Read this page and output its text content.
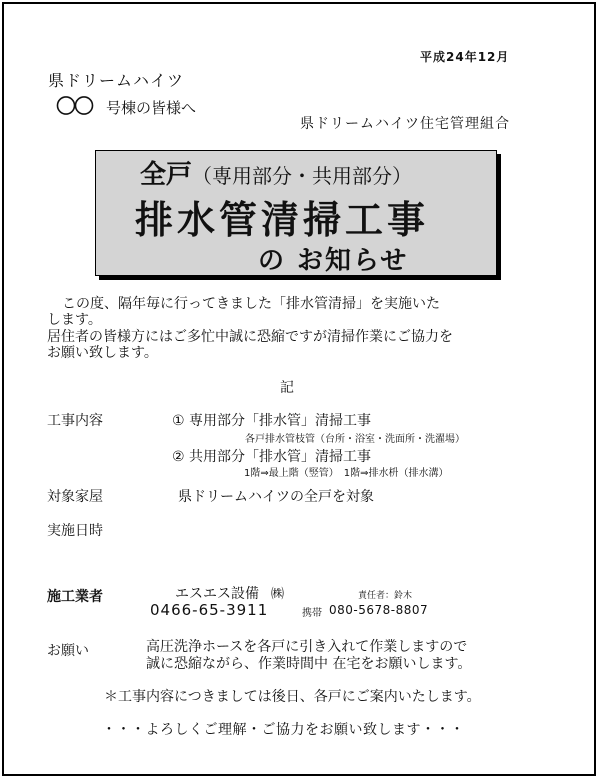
平成24年12月
県ドリームハイツ
〇〇 号棟の皆様へ
県ドリームハイツ住宅管理組合
全戸（専用部分・共用部分）
排水管清掃工事
の お知らせ
この度、隔年毎に行ってきました「排水管清掃」を実施いた
します。
居住者の皆様方にはご多忙中誠に恐縮ですが清掃作業にご協力を
お願い致します。
記
工事内容	① 専用部分「排水管」清掃工事
各戸排水管枝管（台所・浴室・洗面所・洗濯場）
② 共用部分「排水管」清掃工事
1階⇒最上階（竪管）　1階⇒排水枡（排水溝）
対象家屋	県ドリームハイツの全戸を対象
実施日時
施工業者	エスエス設備 ㈱	責任者：鈴木
0466-65-3911	携帯 080-5678-8807
お願い	高圧洗浄ホースを各戸に引き入れて作業しますので
誠に恐縮ながら、作業時間中 在宅をお願いします。
＊工事内容につきましては後日、各戸にご案内いたします。
・・・よろしくご理解・ご協力をお願い致します・・・
